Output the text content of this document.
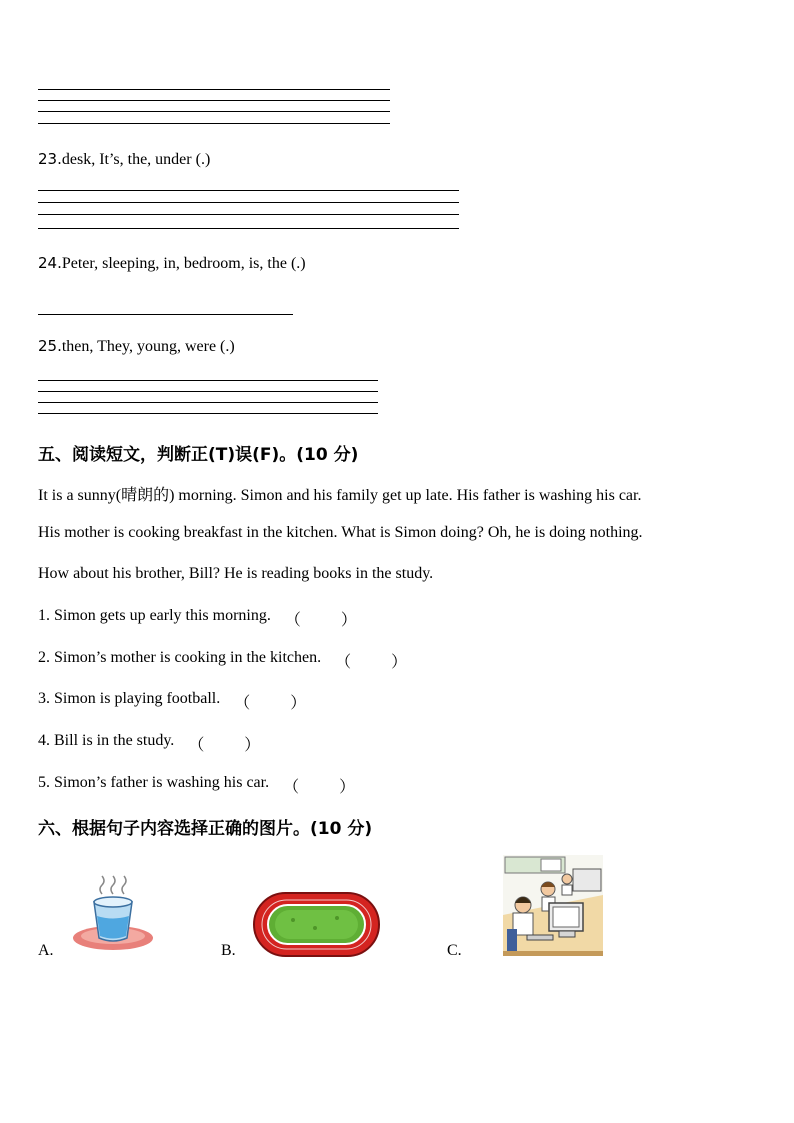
23.desk, It’s, the, under (.)
24.Peter, sleeping, in, bedroom, is, the (.)
25.then, They, young, were (.)
五、阅读短文，判断正(T)误(F)。(10 分)
It is a sunny(晴朗的) morning. Simon and his family get up late. His father is washing his car.
His mother is cooking breakfast in the kitchen. What is Simon doing? Oh, he is doing nothing.
How about his brother, Bill? He is reading books in the study.
1. Simon gets up early this morning. （ ）

2. Simon’s mother is cooking in the kitchen. （ ）

3. Simon is playing football. （ ）

4. Bill is in the study. （ ）

5. Simon’s father is washing his car. （ ）

六、根据句子内容选择正确的图片。(10 分)
A.	B.	C.
